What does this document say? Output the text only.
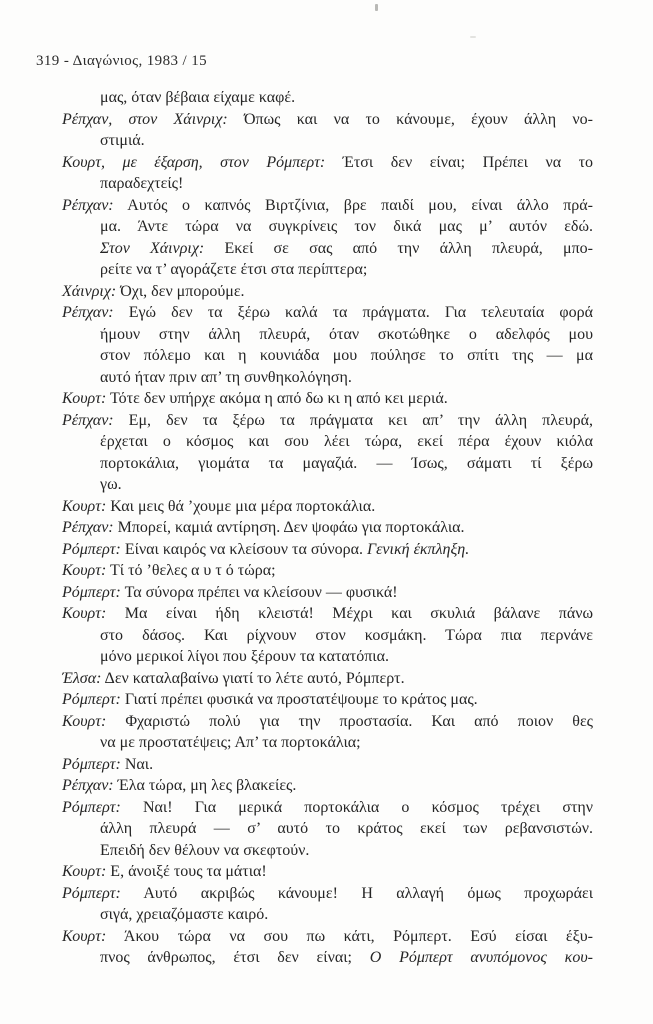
319 - Διαγώνιος, 1983 / 15
μας, όταν βέβαια είχαμε καφέ.
Ρέπχαν, στον Χάινριχ: Όπως και να το κάνουμε, έχουν άλλη νο-
στιμιά.
Κουρτ, με έξαρση, στον Ρόμπερτ: Έτσι δεν είναι; Πρέπει να το
παραδεχτείς!
Ρέπχαν: Αυτός ο καπνός Βιρτζίνια, βρε παιδί μου, είναι άλλο πρά-
μα. Άντε τώρα να συγκρίνεις τον δικά μας μ’ αυτόν εδώ.
Στον Χάινριχ: Εκεί σε σας από την άλλη πλευρά, μπο-
ρείτε να τ’ αγοράζετε έτσι στα περίπτερα;
Χάινριχ: Όχι, δεν μπορούμε.
Ρέπχαν: Εγώ δεν τα ξέρω καλά τα πράγματα. Για τελευταία φορά
ήμουν στην άλλη πλευρά, όταν σκοτώθηκε ο αδελφός μου
στον πόλεμο και η κουνιάδα μου πούλησε το σπίτι της — μα
αυτό ήταν πριν απ’ τη συνθηκολόγηση.
Κουρτ: Τότε δεν υπήρχε ακόμα η από δω κι η από κει μεριά.
Ρέπχαν: Εμ, δεν τα ξέρω τα πράγματα κει απ’ την άλλη πλευρά,
έρχεται ο κόσμος και σου λέει τώρα, εκεί πέρα έχουν κιόλα
πορτοκάλια, γιομάτα τα μαγαζιά. — Ίσως, σάματι τί ξέρω
γω.
Κουρτ: Και μεις θά ’χουμε μια μέρα πορτοκάλια.
Ρέπχαν: Μπορεί, καμιά αντίρηση. Δεν ψοφάω για πορτοκάλια.
Ρόμπερτ: Είναι καιρός να κλείσουν τα σύνορα. Γενική έκπληξη.
Κουρτ: Τί τό ’θελες α υ τ ό τώρα;
Ρόμπερτ: Τα σύνορα πρέπει να κλείσουν — φυσικά!
Κουρτ: Μα είναι ήδη κλειστά! Μέχρι και σκυλιά βάλανε πάνω
στο δάσος. Και ρίχνουν στον κοσμάκη. Τώρα πια περνάνε
μόνο μερικοί λίγοι που ξέρουν τα κατατόπια.
Έλσα: Δεν καταλαβαίνω γιατί το λέτε αυτό, Ρόμπερτ.
Ρόμπερτ: Γιατί πρέπει φυσικά να προστατέψουμε το κράτος μας.
Κουρτ: Φχαριστώ πολύ για την προστασία. Και από ποιον θες
να με προστατέψεις; Απ’ τα πορτοκάλια;
Ρόμπερτ: Ναι.
Ρέπχαν: Έλα τώρα, μη λες βλακείες.
Ρόμπερτ: Ναι! Για μερικά πορτοκάλια ο κόσμος τρέχει στην
άλλη πλευρά — σ’ αυτό το κράτος εκεί των ρεβανσιστών.
Επειδή δεν θέλουν να σκεφτούν.
Κουρτ: Ε, άνοιξέ τους τα μάτια!
Ρόμπερτ: Αυτό ακριβώς κάνουμε! Η αλλαγή όμως προχωράει
σιγά, χρειαζόμαστε καιρό.
Κουρτ: Άκου τώρα να σου πω κάτι, Ρόμπερτ. Εσύ είσαι έξυ-
πνος άνθρωπος, έτσι δεν είναι; Ο Ρόμπερτ ανυπόμονος κου-
